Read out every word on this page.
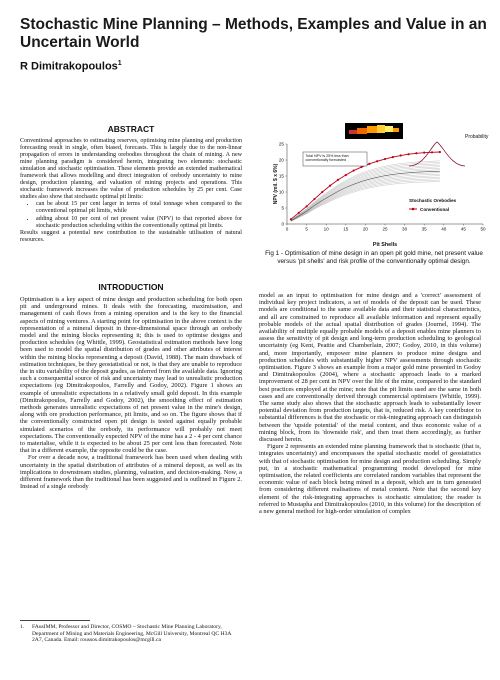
Stochastic Mine Planning – Methods, Examples and Value in an Uncertain World

R Dimitrakopoulos$^1$

ABSTRACT

Conventional approaches to estimating reserves, optimising mine planning and production forecasting result in single, often biased, forecasts. This is largely due to the non-linear propagation of errors in understanding orebodies throughout the chain of mining. A new mine planning paradigm is considered herein, integrating two elements: stochastic simulation and stochastic optimisation. These elements provide an extended mathematical framework that allows modelling and direct integration of orebody uncertainty to mine design, production planning, and valuation of mining projects and operations. This stochastic framework increases the value of production schedules by 25 per cent. Case studies also show that stochastic optimal pit limits:

• can be about 15 per cent larger in terms of total tonnage when compared to the conventional optimal pit limits, while
• adding about 10 per cent of net present value (NPV) to that reported above for stochastic production scheduling within the conventionally optimal pit limits.

Results suggest a potential new contribution to the sustainable utilisation of natural resources.

0	5	10	15	20	25	30	35	40	45	50
0
5
10
15
20
25
Total NPV is 25% less than conventionally forecasted
Probability
Stochastic Orebodies
Conventional
Pit Shells
NPV (mil. $ x 6%)

Fig 1 - Optimisation of mine design in an open pit gold mine, net present value versus 'pit shells' and risk profile of the conventionally optimal design.

INTRODUCTION

Optimisation is a key aspect of mine design and production scheduling for both open pit and underground mines. It deals with the forecasting, maximisation, and management of cash flows from a mining operation and is the key to the financial aspects of mining ventures. A starting point for optimisation in the above context is the representation of a mineral deposit in three-dimensional space through an orebody model and the mining blocks representing it; this is used to optimise designs and production schedules (eg Whittle, 1999). Geostatistical estimation methods have long been used to model the spatial distribution of grades and other attributes of interest within the mining blocks representing a deposit (David, 1988). The main drawback of estimation techniques, be they geostatistical or not, is that they are unable to reproduce the in situ variability of the deposit grades, as inferred from the available data. Ignoring such a consequential source of risk and uncertainty may lead to unrealistic production expectations (eg Dimitrakopoulos, Farrelly and Godoy, 2002). Figure 1 shows an example of unrealistic expectations in a relatively small gold deposit. In this example (Dimitrakopoulos, Farrelly and Godoy, 2002), the smoothing effect of estimation methods generates unrealistic expectations of net present value in the mine's design, along with ore production performance, pit limits, and so on. The figure shows that if the conventionally constructed open pit design is tested against equally probable simulated scenarios of the orebody, its performance will probably not meet expectations. The conventionally expected NPV of the mine has a 2 - 4 per cent chance to materialise, while it is expected to be about 25 per cent less than forecasted. Note that in a different example, the opposite could be the case.

For over a decade now, a traditional framework has been used when dealing with uncertainty in the spatial distribution of attributes of a mineral deposit, as well as its implications to downstream studies, planning, valuation, and decision-making. Now, a different framework than the traditional has been suggested and is outlined in Figure 2. Instead of a single orebody

model as an input to optimisation for mine design and a 'correct' assessment of individual key project indicators, a set of models of the deposit can be used. These models are conditional to the same available data and their statistical characteristics, and all are constrained to reproduce all available information and represent equally probable models of the actual spatial distribution of grades (Journel, 1994). The availability of multiple equally probable models of a deposit enables mine planners to assess the sensitivity of pit design and long-term production scheduling to geological uncertainty (eg Kent, Peattie and Chamberlain, 2007; Godoy, 2010, in this volume) and, more importantly, empower mine planners to produce mine designs and production schedules with substantially higher NPV assessments through stochastic optimisation. Figure 3 shows an example from a major gold mine presented in Godoy and Dimitrakopoulos (2004), where a stochastic approach leads to a marked improvement of 28 per cent in NPV over the life of the mine, compared to the standard best practices employed at the mine; note that the pit limits used are the same in both cases and are conventionally derived through commercial optimisers (Whittle, 1999). The same study also shows that the stochastic approach leads to substantially lower potential deviation from production targets, that is, reduced risk. A key contributor to substantial differences is that the stochastic or risk-integrating approach can distinguish between the 'upside potential' of the metal content, and thus economic value of a mining block, from its 'downside risk', and then treat them accordingly, as further discussed herein.

Figure 2 represents an extended mine planning framework that is stochastic (that is, integrates uncertainty) and encompasses the spatial stochastic model of geostatistics with that of stochastic optimisation for mine design and production scheduling. Simply put, in a stochastic mathematical programming model developed for mine optimisation, the related coefficients are correlated random variables that represent the economic value of each block being mined in a deposit, which are in turn generated from considering different realisations of metal content. Note that the second key element of the risk-integrating approaches is stochastic simulation; the reader is referred to Mustapha and Dimitrakopoulos (2010, in this volume) for the description of a new general method for high-order simulation of complex

1.	FAusIMM, Professor and Director, COSMO – Stochastic Mine Planning Laboratory, Department of Mining and Materials Engineering, McGill University, Montreal QC H3A 2A7, Canada. Email: roussos.dimitrakopoulos@mcgill.ca
